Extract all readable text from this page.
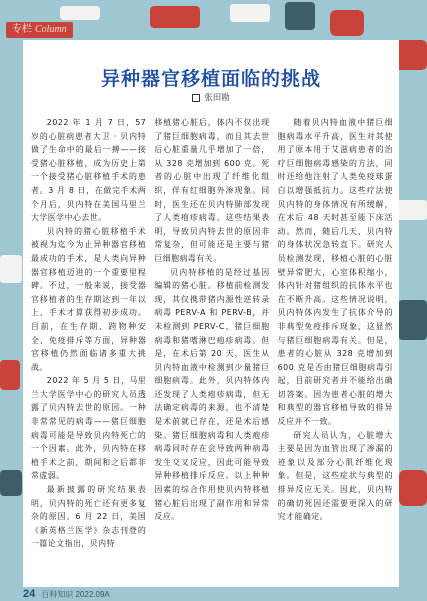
专栏 Column
异种器官移植面临的挑战
张田勘

2022 年 1 月 7 日，57 岁的心脏病患者大卫 · 贝内特做了生命中的最后一搏——接受猪心脏移植，成为历史上第一个接受猪心脏移植手术的患者。3 月 8 日，在做完手术两个月后，贝内特在美国马里兰大学医学中心去世。

贝内特的猪心脏移植手术被视为迄今为止异种器官移植最成功的手术，是人类向异种器官移植迈进的一个重要里程碑。不过，一般来说，接受器官移植者的生存期达到一年以上，手术才算获得初步成功。目前，在生存期、跨物种安全、免疫排斥等方面，异种器官移植仍然面临诸多重大挑战。

2022 年 5 月 5 日，马里兰大学医学中心的研究人员透露了贝内特去世的原因。一种非常常见的病毒——猪巨细胞病毒可能是导致贝内特死亡的一个因素。此外，贝内特在移植手术之前，期间和之后都非常虚弱。

最新披露的研究结果表明，贝内特的死亡还有更多复杂的原因。6 月 22 日，美国《新英格兰医学》杂志刊登的一篇论文指出，贝内特

移植猪心脏后，体内不仅出现了猪巨细胞病毒，而且其去世后心脏重量几乎增加了一倍，从 328 克增加到 600 克。死者的心脏中出现了纤维化组织，伴有红细胞外渗现象。同时，医生还在贝内特肺部发现了人类疱疹病毒。这些结果表明，导致贝内特去世的原因非常复杂，但可能还是主要与猪巨细胞病毒有关。

贝内特移植的是经过基因编辑的猪心脏。移植前检测发现，其仅携带猪内源性逆转录病毒 PERV-A 和 PERV-B，并未检测到 PERV-C、猪巨细胞病毒和猪嗜淋巴疱疹病毒。但是，在术后第 20 天，医生从贝内特血液中检测到少量猪巨细胞病毒。此外，贝内特体内还发现了人类疱疹病毒，但无法确定病毒的来源，也不清楚是术前就已存在，还是术后感染。猪巨细胞病毒和人类疱疹病毒同时存在会导致两种病毒发生交叉反应，因此可能导致异种移植排斥反应。以上种种因素的综合作用使贝内特移植猪心脏后出现了副作用和异常反应。

随着贝内特血液中猪巨细胞病毒水平升高，医生对其使用了原本用于艾滋病患者的治疗巨细胞病毒感染的方法，同时还给他注射了人类免疫球蛋白以增强抵抗力。这些疗法使贝内特的身体情况有所缓解，在术后 48 天时甚至能下床活动。然而，随后几天，贝内特的身体状况急转直下。研究人员检测发现，移植心脏的心脏壁异常肥大，心室体积缩小，体内针对猪组织的抗体水平也在不断升高。这些情况说明，贝内特体内发生了抗体介导的非典型免疫排斥现象，这显然与猪巨细胞病毒有关。但是，患者的心脏从 328 克增加到 600 克是否由猪巨细胞病毒引起，目前研究者并不能给出确切答案。因为患者心脏的增大和典型的器官移植导致的排异反应并不一致。

研究人员认为，心脏增大主要是因为血管出现了渗漏的迹象以及部分心肌纤维化现象。但是，这些症状与典型的排异反应无关。因此，贝内特的确切死因还需要更深入的研究才能确定。

24 百科知识 2022.09A
